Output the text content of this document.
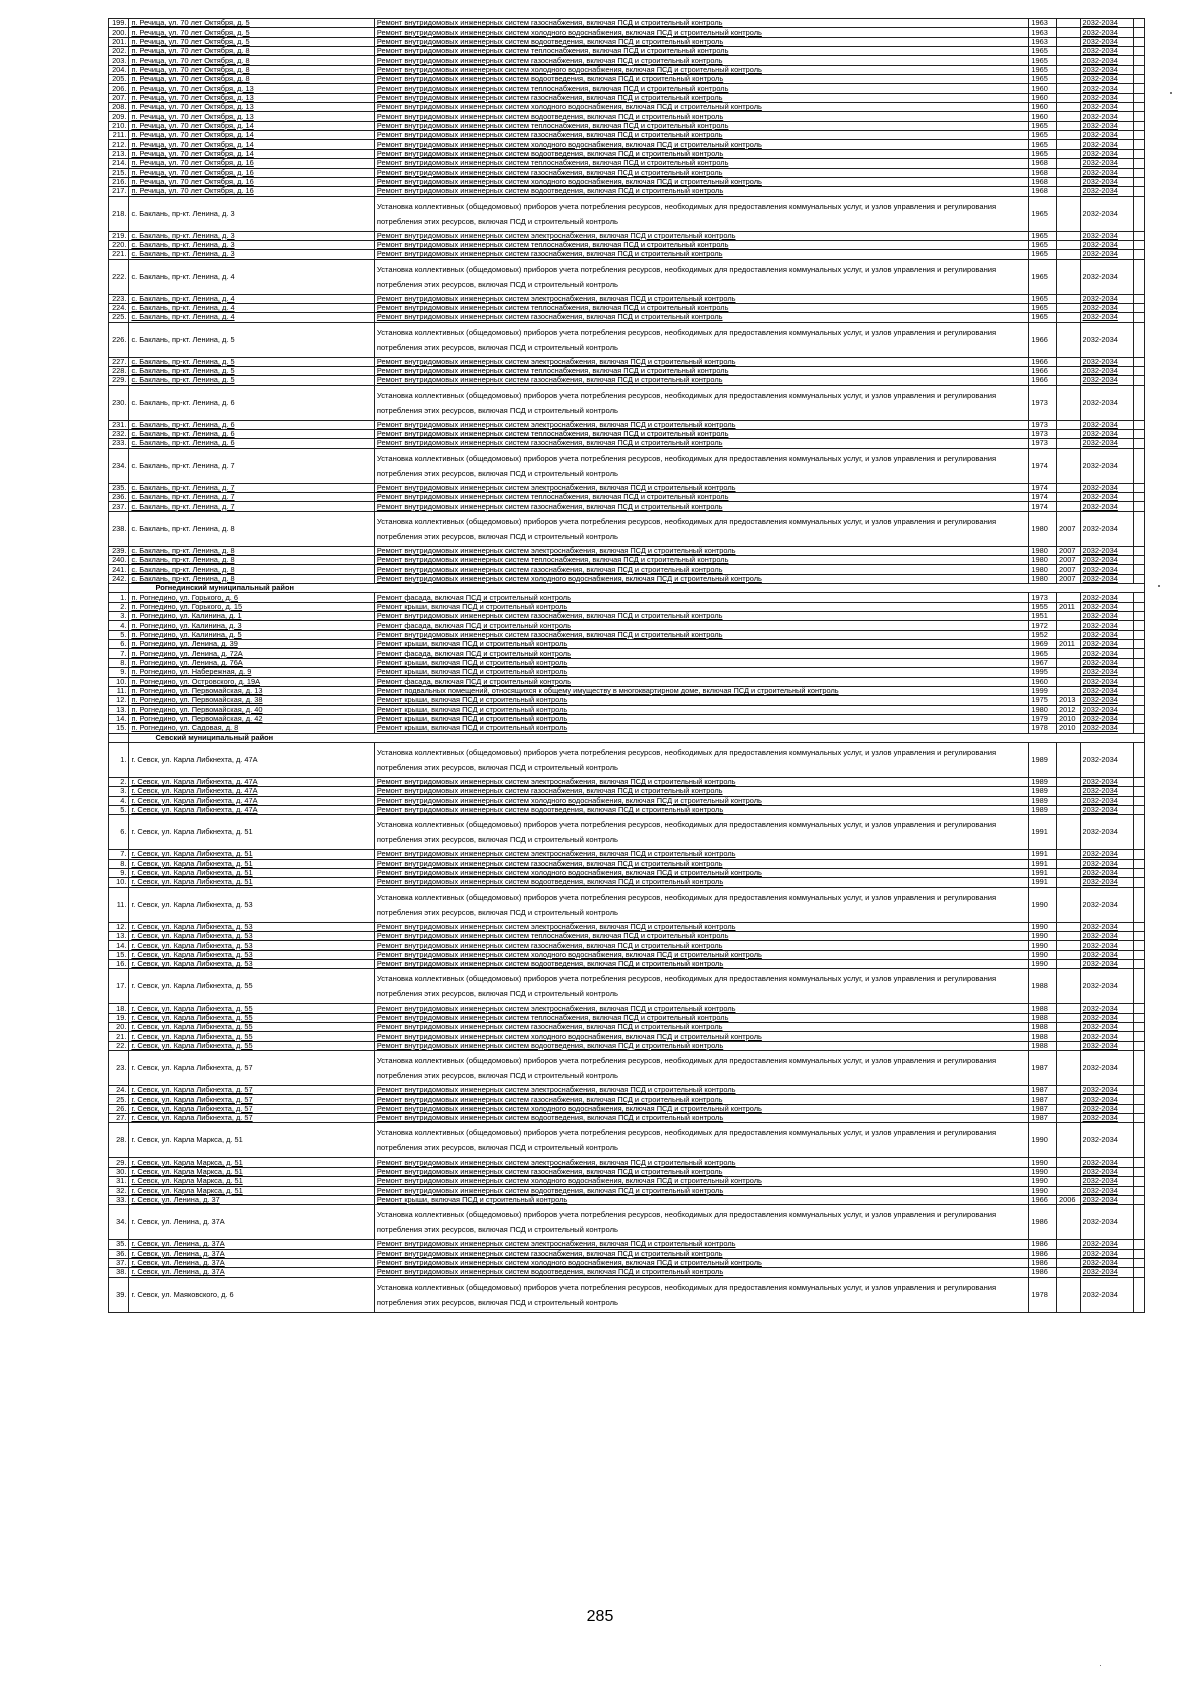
199.	п. Речица, ул. 70 лет Октября, д. 5	Ремонт внутридомовых инженерных систем газоснабжения, включая ПСД и строительный контроль	1963		2032-2034	
200.	п. Речица, ул. 70 лет Октября, д. 5	Ремонт внутридомовых инженерных систем холодного водоснабжения, включая ПСД и строительный контроль	1963		2032-2034	
201.	п. Речица, ул. 70 лет Октября, д. 5	Ремонт внутридомовых инженерных систем водоотведения, включая ПСД и строительный контроль	1963		2032-2034	
202.	п. Речица, ул. 70 лет Октября, д. 8	Ремонт внутридомовых инженерных систем теплоснабжения, включая ПСД и строительный контроль	1965		2032-2034	
203.	п. Речица, ул. 70 лет Октября, д. 8	Ремонт внутридомовых инженерных систем газоснабжения, включая ПСД и строительный контроль	1965		2032-2034	
204.	п. Речица, ул. 70 лет Октября, д. 8	Ремонт внутридомовых инженерных систем холодного водоснабжения, включая ПСД и строительный контроль	1965		2032-2034	
205.	п. Речица, ул. 70 лет Октября, д. 8	Ремонт внутридомовых инженерных систем водоотведения, включая ПСД и строительный контроль	1965		2032-2034	
206.	п. Речица, ул. 70 лет Октября, д. 13	Ремонт внутридомовых инженерных систем теплоснабжения, включая ПСД и строительный контроль	1960		2032-2034	
207.	п. Речица, ул. 70 лет Октября, д. 13	Ремонт внутридомовых инженерных систем газоснабжения, включая ПСД и строительный контроль	1960		2032-2034	
208.	п. Речица, ул. 70 лет Октября, д. 13	Ремонт внутридомовых инженерных систем холодного водоснабжения, включая ПСД и строительный контроль	1960		2032-2034	
209.	п. Речица, ул. 70 лет Октября, д. 13	Ремонт внутридомовых инженерных систем водоотведения, включая ПСД и строительный контроль	1960		2032-2034	
210.	п. Речица, ул. 70 лет Октября, д. 14	Ремонт внутридомовых инженерных систем теплоснабжения, включая ПСД и строительный контроль	1965		2032-2034	
211.	п. Речица, ул. 70 лет Октября, д. 14	Ремонт внутридомовых инженерных систем газоснабжения, включая ПСД и строительный контроль	1965		2032-2034	
212.	п. Речица, ул. 70 лет Октября, д. 14	Ремонт внутридомовых инженерных систем холодного водоснабжения, включая ПСД и строительный контроль	1965		2032-2034	
213.	п. Речица, ул. 70 лет Октября, д. 14	Ремонт внутридомовых инженерных систем водоотведения, включая ПСД и строительный контроль	1965		2032-2034	
214.	п. Речица, ул. 70 лет Октября, д. 16	Ремонт внутридомовых инженерных систем теплоснабжения, включая ПСД и строительный контроль	1968		2032-2034	
215.	п. Речица, ул. 70 лет Октября, д. 16	Ремонт внутридомовых инженерных систем газоснабжения, включая ПСД и строительный контроль	1968		2032-2034	
216.	п. Речица, ул. 70 лет Октября, д. 16	Ремонт внутридомовых инженерных систем холодного водоснабжения, включая ПСД и строительный контроль	1968		2032-2034	
217.	п. Речица, ул. 70 лет Октября, д. 16	Ремонт внутридомовых инженерных систем водоотведения, включая ПСД и строительный контроль	1968		2032-2034	
218.	с. Баклань, пр-кт. Ленина, д. 3	Установка коллективных (общедомовых) приборов учета потребления ресурсов, необходимых для предоставления коммунальных услуг, и узлов управления и регулирования потребления этих ресурсов, включая ПСД и строительный контроль	1965		2032-2034	
219.	с. Баклань, пр-кт. Ленина, д. 3	Ремонт внутридомовых инженерных систем электроснабжения, включая ПСД и строительный контроль	1965		2032-2034	
220.	с. Баклань, пр-кт. Ленина, д. 3	Ремонт внутридомовых инженерных систем теплоснабжения, включая ПСД и строительный контроль	1965		2032-2034	
221.	с. Баклань, пр-кт. Ленина, д. 3	Ремонт внутридомовых инженерных систем газоснабжения, включая ПСД и строительный контроль	1965		2032-2034	
222.	с. Баклань, пр-кт. Ленина, д. 4	Установка коллективных (общедомовых) приборов учета потребления ресурсов, необходимых для предоставления коммунальных услуг, и узлов управления и регулирования потребления этих ресурсов, включая ПСД и строительный контроль	1965		2032-2034	
223.	с. Баклань, пр-кт. Ленина, д. 4	Ремонт внутридомовых инженерных систем электроснабжения, включая ПСД и строительный контроль	1965		2032-2034	
224.	с. Баклань, пр-кт. Ленина, д. 4	Ремонт внутридомовых инженерных систем теплоснабжения, включая ПСД и строительный контроль	1965		2032-2034	
225.	с. Баклань, пр-кт. Ленина, д. 4	Ремонт внутридомовых инженерных систем газоснабжения, включая ПСД и строительный контроль	1965		2032-2034	
226.	с. Баклань, пр-кт. Ленина, д. 5	Установка коллективных (общедомовых) приборов учета потребления ресурсов, необходимых для предоставления коммунальных услуг, и узлов управления и регулирования потребления этих ресурсов, включая ПСД и строительный контроль	1966		2032-2034	
227.	с. Баклань, пр-кт. Ленина, д. 5	Ремонт внутридомовых инженерных систем электроснабжения, включая ПСД и строительный контроль	1966		2032-2034	
228.	с. Баклань, пр-кт. Ленина, д. 5	Ремонт внутридомовых инженерных систем теплоснабжения, включая ПСД и строительный контроль	1966		2032-2034	
229.	с. Баклань, пр-кт. Ленина, д. 5	Ремонт внутридомовых инженерных систем газоснабжения, включая ПСД и строительный контроль	1966		2032-2034	
230.	с. Баклань, пр-кт. Ленина, д. 6	Установка коллективных (общедомовых) приборов учета потребления ресурсов, необходимых для предоставления коммунальных услуг, и узлов управления и регулирования потребления этих ресурсов, включая ПСД и строительный контроль	1973		2032-2034	
231.	с. Баклань, пр-кт. Ленина, д. 6	Ремонт внутридомовых инженерных систем электроснабжения, включая ПСД и строительный контроль	1973		2032-2034	
232.	с. Баклань, пр-кт. Ленина, д. 6	Ремонт внутридомовых инженерных систем теплоснабжения, включая ПСД и строительный контроль	1973		2032-2034	
233.	с. Баклань, пр-кт. Ленина, д. 6	Ремонт внутридомовых инженерных систем газоснабжения, включая ПСД и строительный контроль	1973		2032-2034	
234.	с. Баклань, пр-кт. Ленина, д. 7	Установка коллективных (общедомовых) приборов учета потребления ресурсов, необходимых для предоставления коммунальных услуг, и узлов управления и регулирования потребления этих ресурсов, включая ПСД и строительный контроль	1974		2032-2034	
235.	с. Баклань, пр-кт. Ленина, д. 7	Ремонт внутридомовых инженерных систем электроснабжения, включая ПСД и строительный контроль	1974		2032-2034	
236.	с. Баклань, пр-кт. Ленина, д. 7	Ремонт внутридомовых инженерных систем теплоснабжения, включая ПСД и строительный контроль	1974		2032-2034	
237.	с. Баклань, пр-кт. Ленина, д. 7	Ремонт внутридомовых инженерных систем газоснабжения, включая ПСД и строительный контроль	1974		2032-2034	
238.	с. Баклань, пр-кт. Ленина, д. 8	Установка коллективных (общедомовых) приборов учета потребления ресурсов, необходимых для предоставления коммунальных услуг, и узлов управления и регулирования потребления этих ресурсов, включая ПСД и строительный контроль	1980	2007	2032-2034	
239.	с. Баклань, пр-кт. Ленина, д. 8	Ремонт внутридомовых инженерных систем электроснабжения, включая ПСД и строительный контроль	1980	2007	2032-2034	
240.	с. Баклань, пр-кт. Ленина, д. 8	Ремонт внутридомовых инженерных систем теплоснабжения, включая ПСД и строительный контроль	1980	2007	2032-2034	
241.	с. Баклань, пр-кт. Ленина, д. 8	Ремонт внутридомовых инженерных систем газоснабжения, включая ПСД и строительный контроль	1980	2007	2032-2034	
242.	с. Баклань, пр-кт. Ленина, д. 8	Ремонт внутридомовых инженерных систем холодного водоснабжения, включая ПСД и строительный контроль	1980	2007	2032-2034	
	Рогнединский муниципальный район					
1.	п. Рогнедино, ул. Горького, д. 6	Ремонт фасада, включая ПСД и строительный контроль	1973		2032-2034	
2.	п. Рогнедино, ул. Горького, д. 15	Ремонт крыши, включая ПСД и строительный контроль	1955	2011	2032-2034	
3.	п. Рогнедино, ул. Калинина, д. 1	Ремонт внутридомовых инженерных систем газоснабжения, включая ПСД и строительный контроль	1951		2032-2034	
4.	п. Рогнедино, ул. Калинина, д. 3	Ремонт фасада, включая ПСД и строительный контроль	1972		2032-2034	
5.	п. Рогнедино, ул. Калинина, д. 5	Ремонт внутридомовых инженерных систем газоснабжения, включая ПСД и строительный контроль	1952		2032-2034	
6.	п. Рогнедино, ул. Ленина, д. 39	Ремонт крыши, включая ПСД и строительный контроль	1969	2011	2032-2034	
7.	п. Рогнедино, ул. Ленина, д. 72А	Ремонт фасада, включая ПСД и строительный контроль	1965		2032-2034	
8.	п. Рогнедино, ул. Ленина, д. 76А	Ремонт крыши, включая ПСД и строительный контроль	1967		2032-2034	
9.	п. Рогнедино, ул. Набережная, д. 9	Ремонт крыши, включая ПСД и строительный контроль	1995		2032-2034	
10.	п. Рогнедино, ул. Островского, д. 19А	Ремонт фасада, включая ПСД и строительный контроль	1960		2032-2034	
11.	п. Рогнедино, ул. Первомайская, д. 13	Ремонт подвальных помещений, относящихся к общему имуществу в многоквартирном доме, включая ПСД и строительный контроль	1999		2032-2034	
12.	п. Рогнедино, ул. Первомайская, д. 38	Ремонт крыши, включая ПСД и строительный контроль	1975	2013	2032-2034	
13.	п. Рогнедино, ул. Первомайская, д. 40	Ремонт крыши, включая ПСД и строительный контроль	1980	2012	2032-2034	
14.	п. Рогнедино, ул. Первомайская, д. 42	Ремонт крыши, включая ПСД и строительный контроль	1979	2010	2032-2034	
15.	п. Рогнедино, ул. Садовая, д. 8	Ремонт крыши, включая ПСД и строительный контроль	1978	2010	2032-2034	
	Севский муниципальный район					
1.	г. Севск, ул. Карла Либкнехта, д. 47А	Установка коллективных (общедомовых) приборов учета потребления ресурсов, необходимых для предоставления коммунальных услуг, и узлов управления и регулирования потребления этих ресурсов, включая ПСД и строительный контроль	1989		2032-2034	
2.	г. Севск, ул. Карла Либкнехта, д. 47А	Ремонт внутридомовых инженерных систем электроснабжения, включая ПСД и строительный контроль	1989		2032-2034	
3.	г. Севск, ул. Карла Либкнехта, д. 47А	Ремонт внутридомовых инженерных систем газоснабжения, включая ПСД и строительный контроль	1989		2032-2034	
4.	г. Севск, ул. Карла Либкнехта, д. 47А	Ремонт внутридомовых инженерных систем холодного водоснабжения, включая ПСД и строительный контроль	1989		2032-2034	
5.	г. Севск, ул. Карла Либкнехта, д. 47А	Ремонт внутридомовых инженерных систем водоотведения, включая ПСД и строительный контроль	1989		2032-2034	
6.	г. Севск, ул. Карла Либкнехта, д. 51	Установка коллективных (общедомовых) приборов учета потребления ресурсов, необходимых для предоставления коммунальных услуг, и узлов управления и регулирования потребления этих ресурсов, включая ПСД и строительный контроль	1991		2032-2034	
7.	г. Севск, ул. Карла Либкнехта, д. 51	Ремонт внутридомовых инженерных систем электроснабжения, включая ПСД и строительный контроль	1991		2032-2034	
8.	г. Севск, ул. Карла Либкнехта, д. 51	Ремонт внутридомовых инженерных систем газоснабжения, включая ПСД и строительный контроль	1991		2032-2034	
9.	г. Севск, ул. Карла Либкнехта, д. 51	Ремонт внутридомовых инженерных систем холодного водоснабжения, включая ПСД и строительный контроль	1991		2032-2034	
10.	г. Севск, ул. Карла Либкнехта, д. 51	Ремонт внутридомовых инженерных систем водоотведения, включая ПСД и строительный контроль	1991		2032-2034	
11.	г. Севск, ул. Карла Либкнехта, д. 53	Установка коллективных (общедомовых) приборов учета потребления ресурсов, необходимых для предоставления коммунальных услуг, и узлов управления и регулирования потребления этих ресурсов, включая ПСД и строительный контроль	1990		2032-2034	
12.	г. Севск, ул. Карла Либкнехта, д. 53	Ремонт внутридомовых инженерных систем электроснабжения, включая ПСД и строительный контроль	1990		2032-2034	
13.	г. Севск, ул. Карла Либкнехта, д. 53	Ремонт внутридомовых инженерных систем теплоснабжения, включая ПСД и строительный контроль	1990		2032-2034	
14.	г. Севск, ул. Карла Либкнехта, д. 53	Ремонт внутридомовых инженерных систем газоснабжения, включая ПСД и строительный контроль	1990		2032-2034	
15.	г. Севск, ул. Карла Либкнехта, д. 53	Ремонт внутридомовых инженерных систем холодного водоснабжения, включая ПСД и строительный контроль	1990		2032-2034	
16.	г. Севск, ул. Карла Либкнехта, д. 53	Ремонт внутридомовых инженерных систем водоотведения, включая ПСД и строительный контроль	1990		2032-2034	
17.	г. Севск, ул. Карла Либкнехта, д. 55	Установка коллективных (общедомовых) приборов учета потребления ресурсов, необходимых для предоставления коммунальных услуг, и узлов управления и регулирования потребления этих ресурсов, включая ПСД и строительный контроль	1988		2032-2034	
18.	г. Севск, ул. Карла Либкнехта, д. 55	Ремонт внутридомовых инженерных систем электроснабжения, включая ПСД и строительный контроль	1988		2032-2034	
19.	г. Севск, ул. Карла Либкнехта, д. 55	Ремонт внутридомовых инженерных систем теплоснабжения, включая ПСД и строительный контроль	1988		2032-2034	
20.	г. Севск, ул. Карла Либкнехта, д. 55	Ремонт внутридомовых инженерных систем газоснабжения, включая ПСД и строительный контроль	1988		2032-2034	
21.	г. Севск, ул. Карла Либкнехта, д. 55	Ремонт внутридомовых инженерных систем холодного водоснабжения, включая ПСД и строительный контроль	1988		2032-2034	
22.	г. Севск, ул. Карла Либкнехта, д. 55	Ремонт внутридомовых инженерных систем водоотведения, включая ПСД и строительный контроль	1988		2032-2034	
23.	г. Севск, ул. Карла Либкнехта, д. 57	Установка коллективных (общедомовых) приборов учета потребления ресурсов, необходимых для предоставления коммунальных услуг, и узлов управления и регулирования потребления этих ресурсов, включая ПСД и строительный контроль	1987		2032-2034	
24.	г. Севск, ул. Карла Либкнехта, д. 57	Ремонт внутридомовых инженерных систем электроснабжения, включая ПСД и строительный контроль	1987		2032-2034	
25.	г. Севск, ул. Карла Либкнехта, д. 57	Ремонт внутридомовых инженерных систем газоснабжения, включая ПСД и строительный контроль	1987		2032-2034	
26.	г. Севск, ул. Карла Либкнехта, д. 57	Ремонт внутридомовых инженерных систем холодного водоснабжения, включая ПСД и строительный контроль	1987		2032-2034	
27.	г. Севск, ул. Карла Либкнехта, д. 57	Ремонт внутридомовых инженерных систем водоотведения, включая ПСД и строительный контроль	1987		2032-2034	
28.	г. Севск, ул. Карла Маркса, д. 51	Установка коллективных (общедомовых) приборов учета потребления ресурсов, необходимых для предоставления коммунальных услуг, и узлов управления и регулирования потребления этих ресурсов, включая ПСД и строительный контроль	1990		2032-2034	
29.	г. Севск, ул. Карла Маркса, д. 51	Ремонт внутридомовых инженерных систем электроснабжения, включая ПСД и строительный контроль	1990		2032-2034	
30.	г. Севск, ул. Карла Маркса, д. 51	Ремонт внутридомовых инженерных систем газоснабжения, включая ПСД и строительный контроль	1990		2032-2034	
31.	г. Севск, ул. Карла Маркса, д. 51	Ремонт внутридомовых инженерных систем холодного водоснабжения, включая ПСД и строительный контроль	1990		2032-2034	
32.	г. Севск, ул. Карла Маркса, д. 51	Ремонт внутридомовых инженерных систем водоотведения, включая ПСД и строительный контроль	1990		2032-2034	
33.	г. Севск, ул. Ленина, д. 37	Ремонт крыши, включая ПСД и строительный контроль	1966	2006	2032-2034	
34.	г. Севск, ул. Ленина, д. 37А	Установка коллективных (общедомовых) приборов учета потребления ресурсов, необходимых для предоставления коммунальных услуг, и узлов управления и регулирования потребления этих ресурсов, включая ПСД и строительный контроль	1986		2032-2034	
35.	г. Севск, ул. Ленина, д. 37А	Ремонт внутридомовых инженерных систем электроснабжения, включая ПСД и строительный контроль	1986		2032-2034	
36.	г. Севск, ул. Ленина, д. 37А	Ремонт внутридомовых инженерных систем газоснабжения, включая ПСД и строительный контроль	1986		2032-2034	
37.	г. Севск, ул. Ленина, д. 37А	Ремонт внутридомовых инженерных систем холодного водоснабжения, включая ПСД и строительный контроль	1986		2032-2034	
38.	г. Севск, ул. Ленина, д. 37А	Ремонт внутридомовых инженерных систем водоотведения, включая ПСД и строительный контроль	1986		2032-2034	
39.	г. Севск, ул. Маяковского, д. 6	Установка коллективных (общедомовых) приборов учета потребления ресурсов, необходимых для предоставления коммунальных услуг, и узлов управления и регулирования потребления этих ресурсов, включая ПСД и строительный контроль	1978		2032-2034	
285
